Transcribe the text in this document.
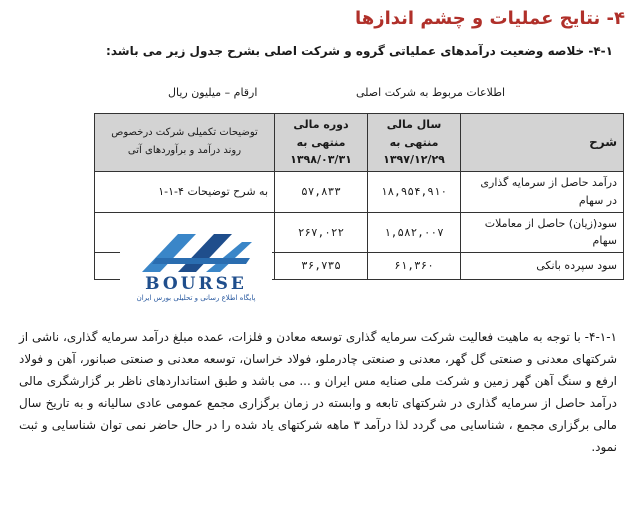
۴- نتایج عملیات و چشم اندازها
۴-۱- خلاصه وضعیت درآمدهای عملیاتی گروه و شرکت اصلی بشرح جدول زیر می باشد:
اطلاعات مربوط به شرکت اصلی
ارقام – میلیون ریال
شرح	سال مالی منتهی به ۱۳۹۷/۱۲/۲۹	دوره مالی منتهی به ۱۳۹۸/۰۳/۳۱	توضیحات تکمیلی شرکت درخصوص روند درآمد و برآوردهای آتی
درآمد حاصل از سرمایه گذاری در سهام	۱۸,۹۵۴,۹۱۰	۵۷,۸۳۳	به شرح توضیحات ۴-۱-۱
سود(زیان) حاصل از معاملات سهام	۱,۵۸۲,۰۰۷	۲۶۷,۰۲۲	
سود سپرده بانکی	۶۱,۳۶۰	۳۶,۷۳۵	
BOURSE
پایگاه اطلاع رسانی و تحلیلی بورس ایران
۴-۱-۱- با توجه به ماهیت فعالیت شرکت سرمایه گذاری توسعه معادن و فلزات، عمده مبلغ درآمد سرمایه گذاری، ناشی از شرکتهای معدنی و صنعتی گل گهر، معدنی و صنعتی چادرملو، فولاد خراسان، توسعه معدنی و صنعتی صبانور، آهن و فولاد ارفع و سنگ آهن گهر زمین و شرکت ملی صنایه مس ایران و ... می باشد و طبق استانداردهای ناظر بر گزارشگری مالی درآمد حاصل از سرمایه گذاری در شرکتهای تابعه و وابسته در زمان برگزاری مجمع عمومی عادی سالیانه و به تاریخ سال مالی برگزاری مجمع ، شناسایی می گردد لذا درآمد ۳ ماهه شرکتهای یاد شده را در حال حاضر نمی توان شناسایی و ثبت نمود.
